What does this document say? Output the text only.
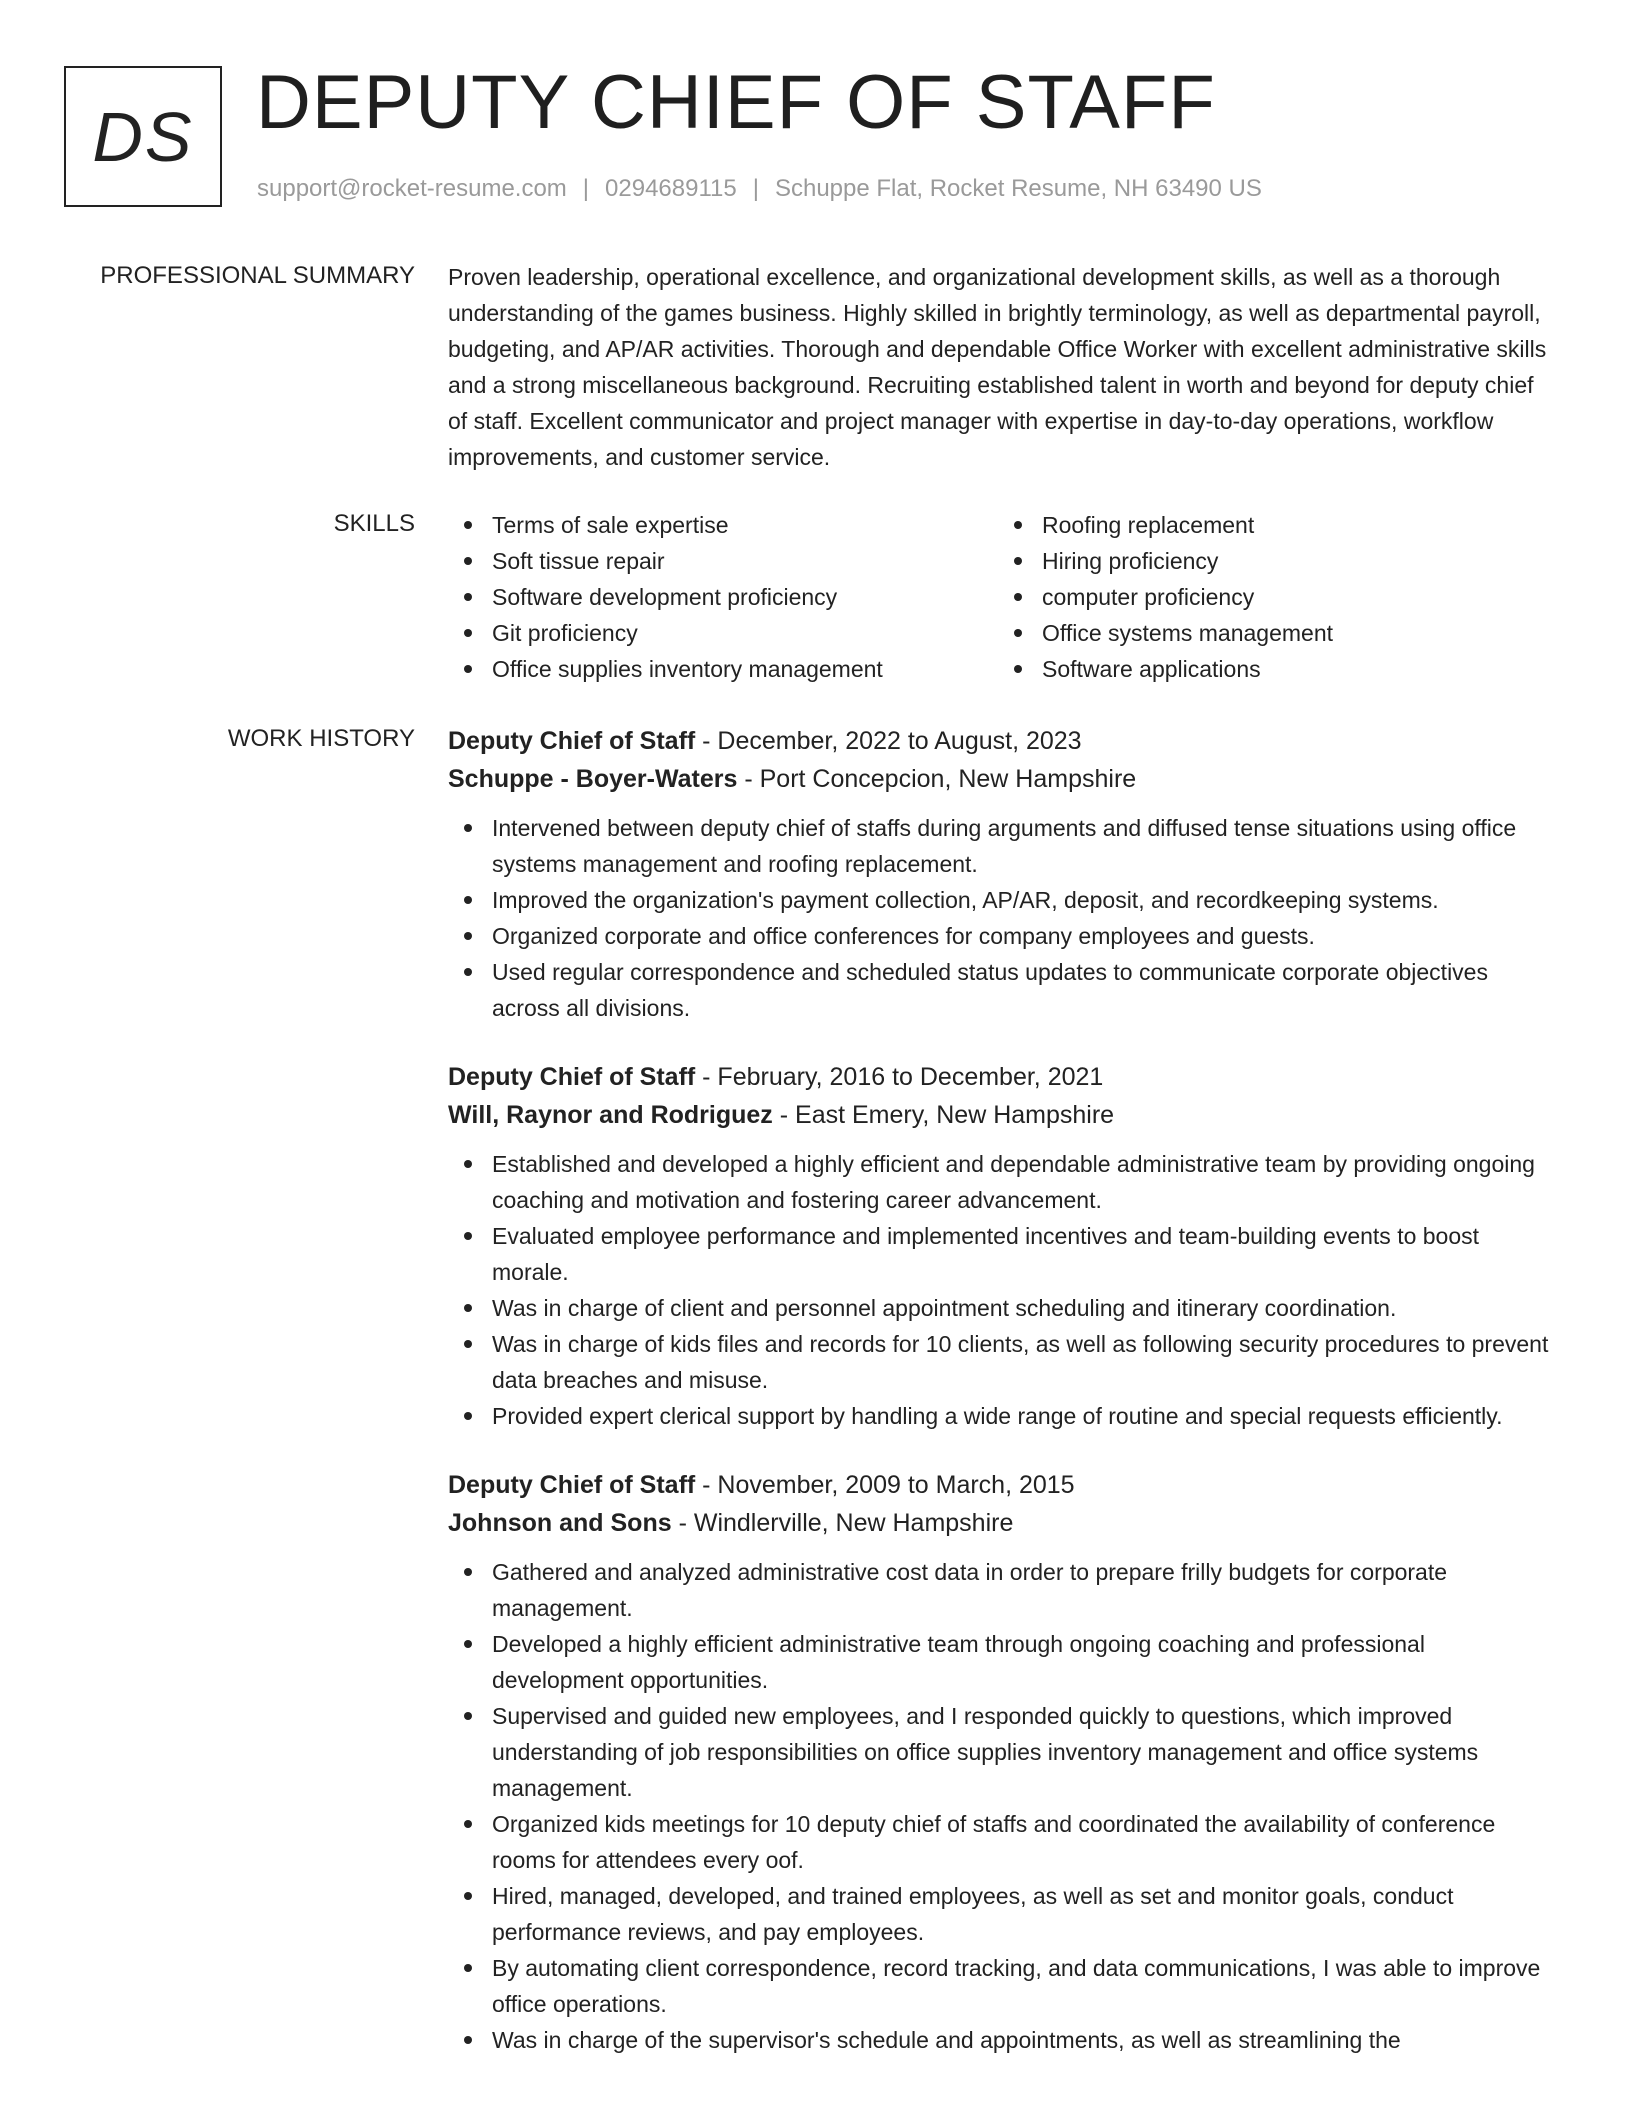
DS DEPUTY CHIEF OF STAFF
support@rocket-resume.com | 0294689115 | Schuppe Flat, Rocket Resume, NH 63490 US
PROFESSIONAL SUMMARY Proven leadership, operational excellence, and organizational development skills, as well as a thorough understanding of the games business. Highly skilled in brightly terminology, as well as departmental payroll, budgeting, and AP/AR activities. Thorough and dependable Office Worker with excellent administrative skills and a strong miscellaneous background. Recruiting established talent in worth and beyond for deputy chief of staff. Excellent communicator and project manager with expertise in day-to-day operations, workflow improvements, and customer service.

SKILLS	Terms of sale expertise
Soft tissue repair
Software development proficiency
Git proficiency
Office supplies inventory management
Roofing replacement
Hiring proficiency
computer proficiency
Office systems management
Software applications
WORK HISTORY Deputy Chief of Staff - December, 2022 to August, 2023
Schuppe - Boyer-Waters - Port Concepcion, New Hampshire
Intervened between deputy chief of staffs during arguments and diffused tense situations using office systems management and roofing replacement.
Improved the organization's payment collection, AP/AR, deposit, and recordkeeping systems.
Organized corporate and office conferences for company employees and guests.
Used regular correspondence and scheduled status updates to communicate corporate objectives across all divisions.
Deputy Chief of Staff - February, 2016 to December, 2021
Will, Raynor and Rodriguez - East Emery, New Hampshire
Established and developed a highly efficient and dependable administrative team by providing ongoing coaching and motivation and fostering career advancement.
Evaluated employee performance and implemented incentives and team-building events to boost morale.
Was in charge of client and personnel appointment scheduling and itinerary coordination.
Was in charge of kids files and records for 10 clients, as well as following security procedures to prevent data breaches and misuse.
Provided expert clerical support by handling a wide range of routine and special requests efficiently.
Deputy Chief of Staff - November, 2009 to March, 2015
Johnson and Sons - Windlerville, New Hampshire
Gathered and analyzed administrative cost data in order to prepare frilly budgets for corporate management.
Developed a highly efficient administrative team through ongoing coaching and professional development opportunities.
Supervised and guided new employees, and I responded quickly to questions, which improved understanding of job responsibilities on office supplies inventory management and office systems management.
Organized kids meetings for 10 deputy chief of staffs and coordinated the availability of conference rooms for attendees every oof.
Hired, managed, developed, and trained employees, as well as set and monitor goals, conduct performance reviews, and pay employees.
By automating client correspondence, record tracking, and data communications, I was able to improve office operations.
Was in charge of the supervisor's schedule and appointments, as well as streamlining the
